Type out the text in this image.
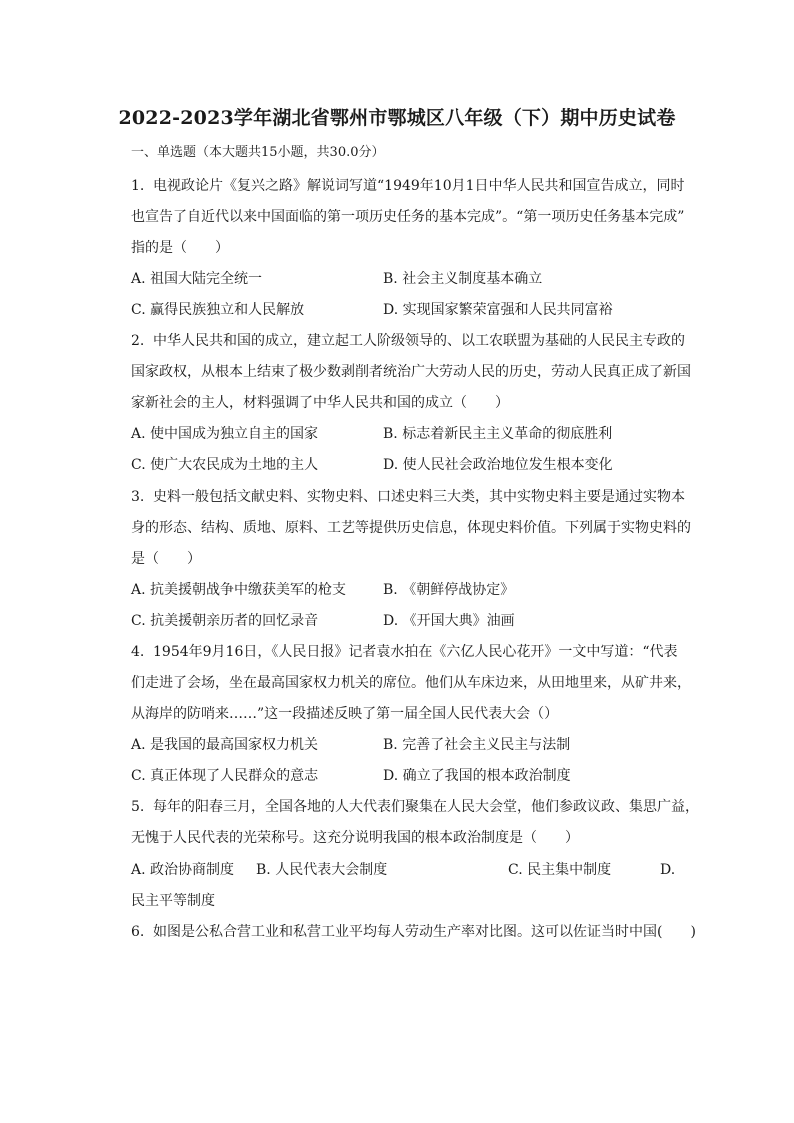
2022-2023学年湖北省鄂州市鄂城区八年级（下）期中历史试卷
一、单选题（本大题共15小题，共30.0分）
1. 电视政论片《复兴之路》解说词写道“1949年10月1日中华人民共和国宣告成立，同时
也宣告了自近代以来中国面临的第一项历史任务的基本完成”。“第一项历史任务基本完成”
指的是（　　）
A. 祖国大陆完全统一	B. 社会主义制度基本确立
C. 赢得民族独立和人民解放	D. 实现国家繁荣富强和人民共同富裕
2. 中华人民共和国的成立，建立起工人阶级领导的、以工农联盟为基础的人民民主专政的
国家政权，从根本上结束了极少数剥削者统治广大劳动人民的历史，劳动人民真正成了新国
家新社会的主人，材料强调了中华人民共和国的成立（　　）
A. 使中国成为独立自主的国家	B. 标志着新民主主义革命的彻底胜利
C. 使广大农民成为土地的主人	D. 使人民社会政治地位发生根本变化
3. 史料一般包括文献史料、实物史料、口述史料三大类，其中实物史料主要是通过实物本
身的形态、结构、质地、原料、工艺等提供历史信息，体现史料价值。下列属于实物史料的
是（　　）
A. 抗美援朝战争中缴获美军的枪支	B. 《朝鲜停战协定》
C. 抗美援朝亲历者的回忆录音	D. 《开国大典》油画
4. 1954年9月16日，《人民日报》记者袁水拍在《六亿人民心花开》一文中写道：“代表
们走进了会场，坐在最高国家权力机关的席位。他们从车床边来，从田地里来，从矿井来，
从海岸的防哨来……”这一段描述反映了第一届全国人民代表大会（）
A. 是我国的最高国家权力机关	B. 完善了社会主义民主与法制
C. 真正体现了人民群众的意志	D. 确立了我国的根本政治制度
5. 每年的阳春三月，全国各地的人大代表们聚集在人民大会堂，他们参政议政、集思广益，
无愧于人民代表的光荣称号。这充分说明我国的根本政治制度是（　　）
A. 政治协商制度 B. 人民代表大会制度	C. 民主集中制度	D.
民主平等制度
6. 如图是公私合营工业和私营工业平均每人劳动生产率对比图。这可以佐证当时中国(　　)
